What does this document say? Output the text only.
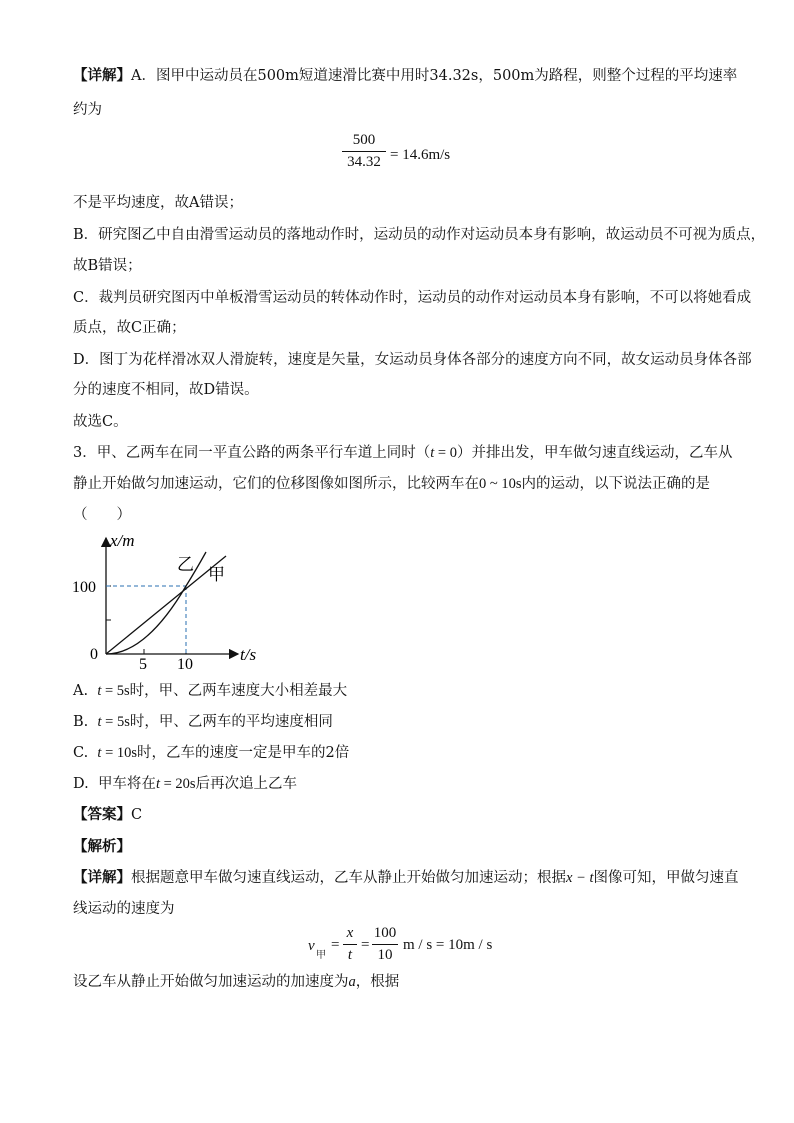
【详解】A．图甲中运动员在500m短道速滑比赛中用时34.32s，500m为路程，则整个过程的平均速率
约为
500
34.32 = 14.6m/s
不是平均速度，故A错误；
B．研究图乙中自由滑雪运动员的落地动作时，运动员的动作对运动员本身有影响，故运动员不可视为质点，
故B错误；
C．裁判员研究图丙中单板滑雪运动员的转体动作时，运动员的动作对运动员本身有影响，不可以将她看成
质点，故C正确；
D．图丁为花样滑冰双人滑旋转，速度是矢量，女运动员身体各部分的速度方向不同，故女运动员身体各部
分的速度不相同，故D错误。
故选C。
3．甲、乙两车在同一平直公路的两条平行车道上同时（t = 0）并排出发，甲车做匀速直线运动，乙车从
静止开始做匀加速运动，它们的位移图像如图所示，比较两车在0 ~ 10s内的运动，以下说法正确的是
（　　）
x/m
t/s
100
5 10
0
乙
甲
A. t = 5s时，甲、乙两车速度大小相差最大
B. t = 5s时，甲、乙两车的平均速度相同
C. t = 10s时，乙车的速度一定是甲车的2倍
D. 甲车将在t = 20s后再次追上乙车
【答案】C
【解析】
【详解】根据题意甲车做匀速直线运动，乙车从静止开始做匀加速运动；根据x − t图像可知，甲做匀速直
线运动的速度为
v
甲
=
x
t
=
100
10
m / s = 10m / s
设乙车从静止开始做匀加速运动的加速度为a，根据
